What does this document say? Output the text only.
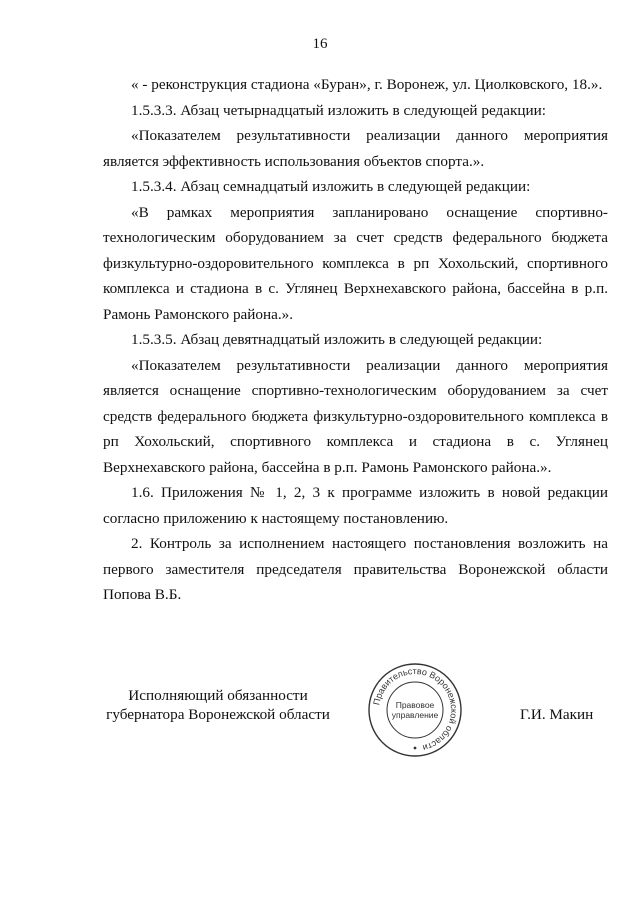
16

« - реконструкция стадиона «Буран», г. Воронеж, ул. Циолковского, 18.».

1.5.3.3. Абзац четырнадцатый изложить в следующей редакции:

«Показателем результативности реализации данного мероприятия является эффективность использования объектов спорта.».

1.5.3.4. Абзац семнадцатый изложить в следующей редакции:

«В рамках мероприятия запланировано оснащение спортивно-технологическим оборудованием за счет средств федерального бюджета физкультурно-оздоровительного комплекса в рп Хохольский, спортивного комплекса и стадиона в с. Углянец Верхнехавского района, бассейна в р.п. Рамонь Рамонского района.».

1.5.3.5. Абзац девятнадцатый изложить в следующей редакции:

«Показателем результативности реализации данного мероприятия является оснащение спортивно-технологическим оборудованием за счет средств федерального бюджета физкультурно-оздоровительного комплекса в рп Хохольский, спортивного комплекса и стадиона в с. Углянец Верхнехавского района, бассейна в р.п. Рамонь Рамонского района.».

1.6. Приложения № 1, 2, 3 к программе изложить в новой редакции согласно приложению к настоящему постановлению.

2. Контроль за исполнением настоящего постановления возложить на первого заместителя председателя правительства Воронежской области Попова В.Б.

Исполняющий обязанности
губернатора Воронежской области	Г.И. Макин
Правительство Воронежской области
Правовое
управление
